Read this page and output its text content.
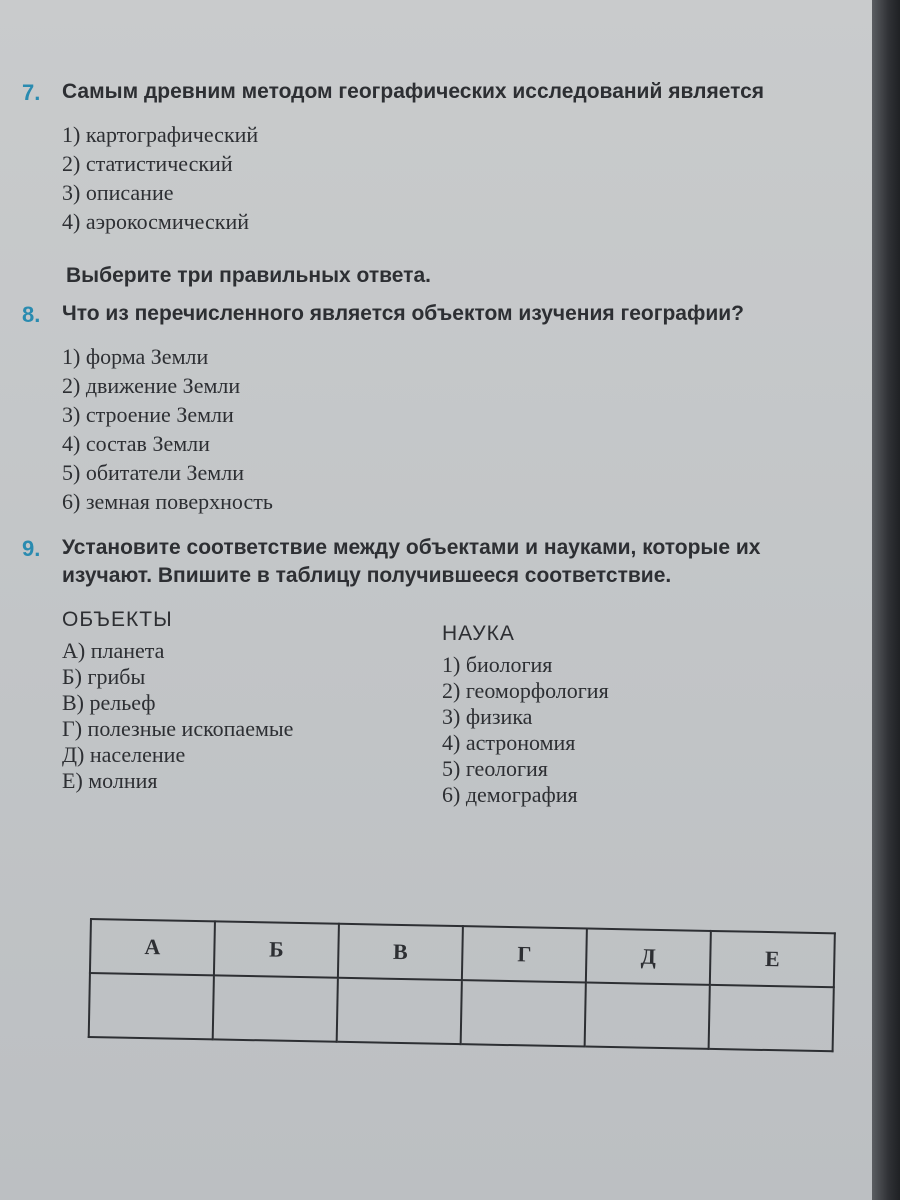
7. Самым древним методом географических исследований является
1) картографический
2) статистический
3) описание
4) аэрокосмический
Выберите три правильных ответа.
8. Что из перечисленного является объектом изучения географии?
1) форма Земли
2) движение Земли
3) строение Земли
4) состав Земли
5) обитатели Земли
6) земная поверхность
9. Установите соответствие между объектами и науками, которые их изучают. Впишите в таблицу получившееся соответствие.
ОБЪЕКТЫ
А) планета
Б) грибы
В) рельеф
Г) полезные ископаемые
Д) население
Е) молния
НАУКА
1) биология
2) геоморфология
3) физика
4) астрономия
5) геология
6) демография
А	Б	В	Г	Д	Е
